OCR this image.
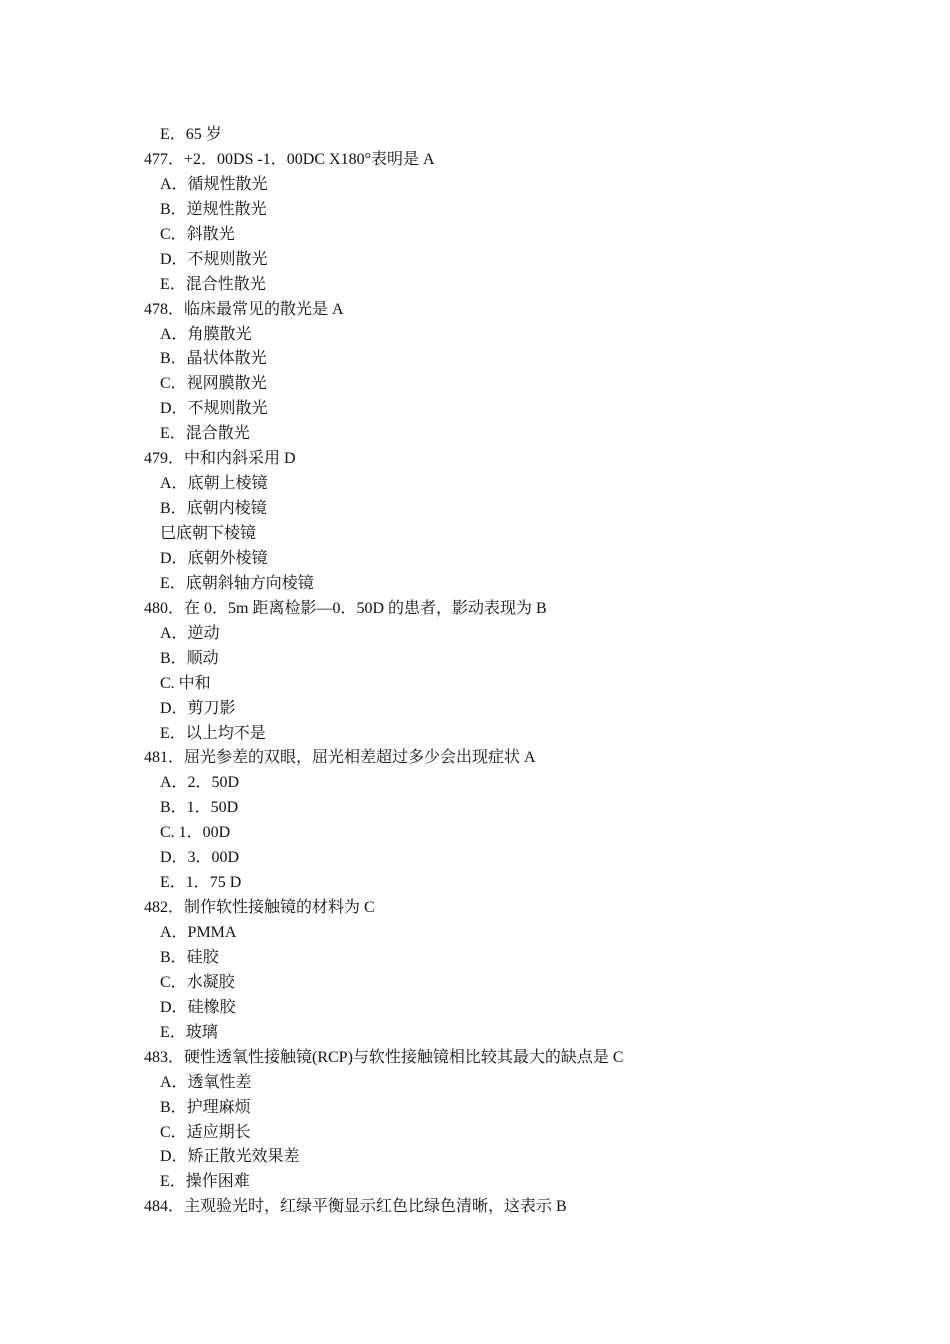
E．65 岁
477．+2．00DS -1．00DC X180°表明是 A
A．循规性散光
B．逆规性散光
C．斜散光
D．不规则散光
E．混合性散光
478．临床最常见的散光是 A
A．角膜散光
B．晶状体散光
C．视网膜散光
D．不规则散光
E．混合散光
479．中和内斜采用 D
A．底朝上棱镜
B．底朝内棱镜
巳底朝下棱镜
D．底朝外棱镜
E．底朝斜轴方向棱镜
480．在 0．5m 距离检影—0．50D 的患者，影动表现为 B
A．逆动
B．顺动
C. 中和
D．剪刀影
E．以上均不是
481．屈光参差的双眼，屈光相差超过多少会出现症状 A
A．2．50D
B．1．50D
C. 1．00D
D．3．00D
E．1．75 D
482．制作软性接触镜的材料为 C
A．PMMA
B．硅胶
C．水凝胶
D．硅橡胶
E．玻璃
483．硬性透氧性接触镜(RCP)与软性接触镜相比较其最大的缺点是 C
A．透氧性差
B．护理麻烦
C．适应期长
D．矫正散光效果差
E．操作困难
484．主观验光时，红绿平衡显示红色比绿色清晰，这表示 B
